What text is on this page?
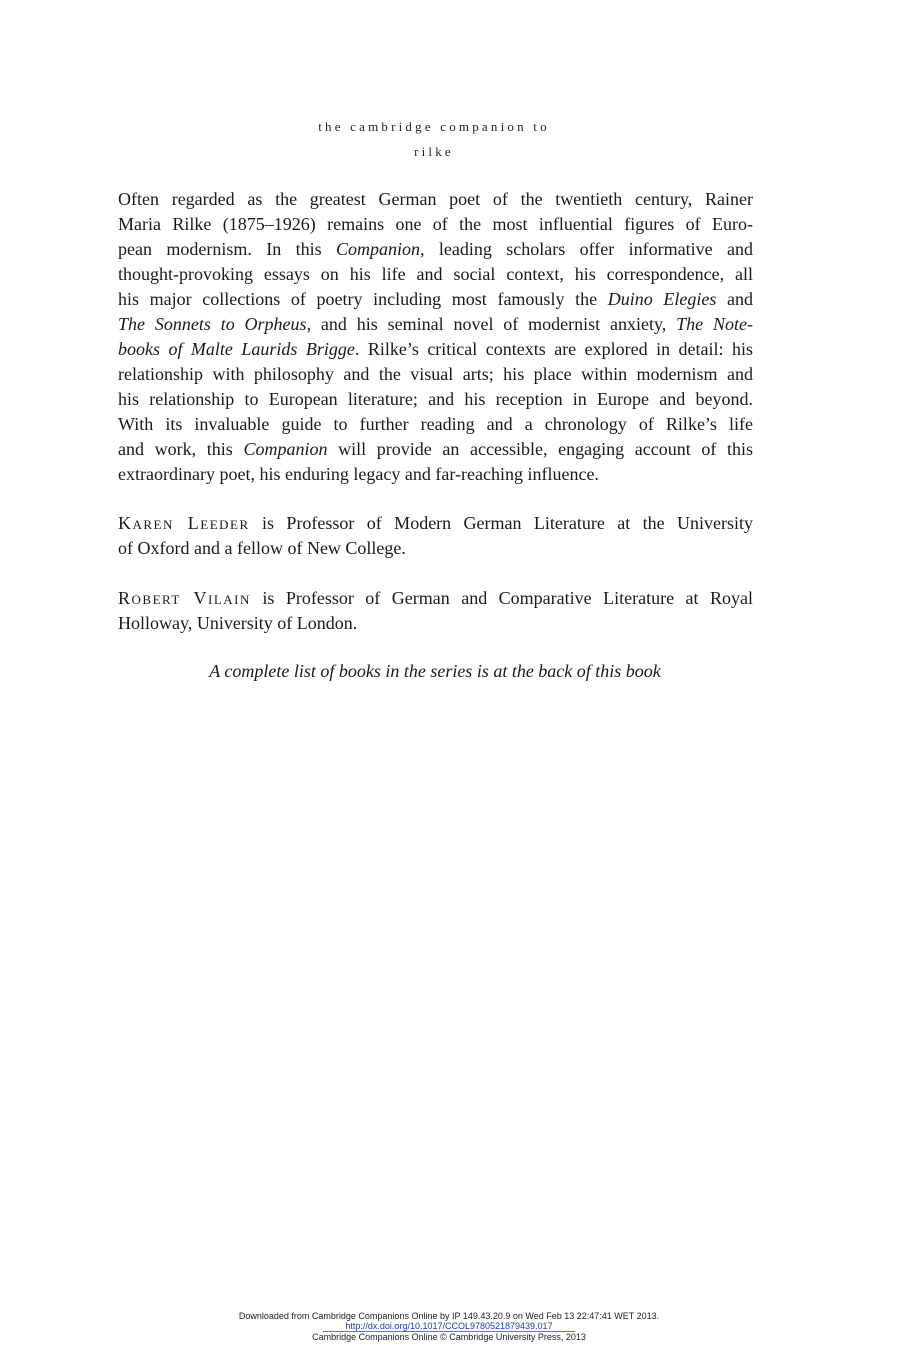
the cambridge companion to
rilke
Often regarded as the greatest German poet of the twentieth century, Rainer
Maria Rilke (1875–1926) remains one of the most influential figures of Euro-
pean modernism. In this Companion, leading scholars offer informative and
thought-provoking essays on his life and social context, his correspondence, all
his major collections of poetry including most famously the Duino Elegies and
The Sonnets to Orpheus, and his seminal novel of modernist anxiety, The Note-
books of Malte Laurids Brigge. Rilke’s critical contexts are explored in detail: his
relationship with philosophy and the visual arts; his place within modernism and
his relationship to European literature; and his reception in Europe and beyond.
With its invaluable guide to further reading and a chronology of Rilke’s life
and work, this Companion will provide an accessible, engaging account of this
extraordinary poet, his enduring legacy and far-reaching influence.
Karen Leeder is Professor of Modern German Literature at the University
of Oxford and a fellow of New College.
Robert Vilain is Professor of German and Comparative Literature at Royal
Holloway, University of London.
A complete list of books in the series is at the back of this book
Downloaded from Cambridge Companions Online by IP 149.43.20.9 on Wed Feb 13 22:47:41 WET 2013.
http://dx.doi.org/10.1017/CCOL9780521879439.017
Cambridge Companions Online © Cambridge University Press, 2013
